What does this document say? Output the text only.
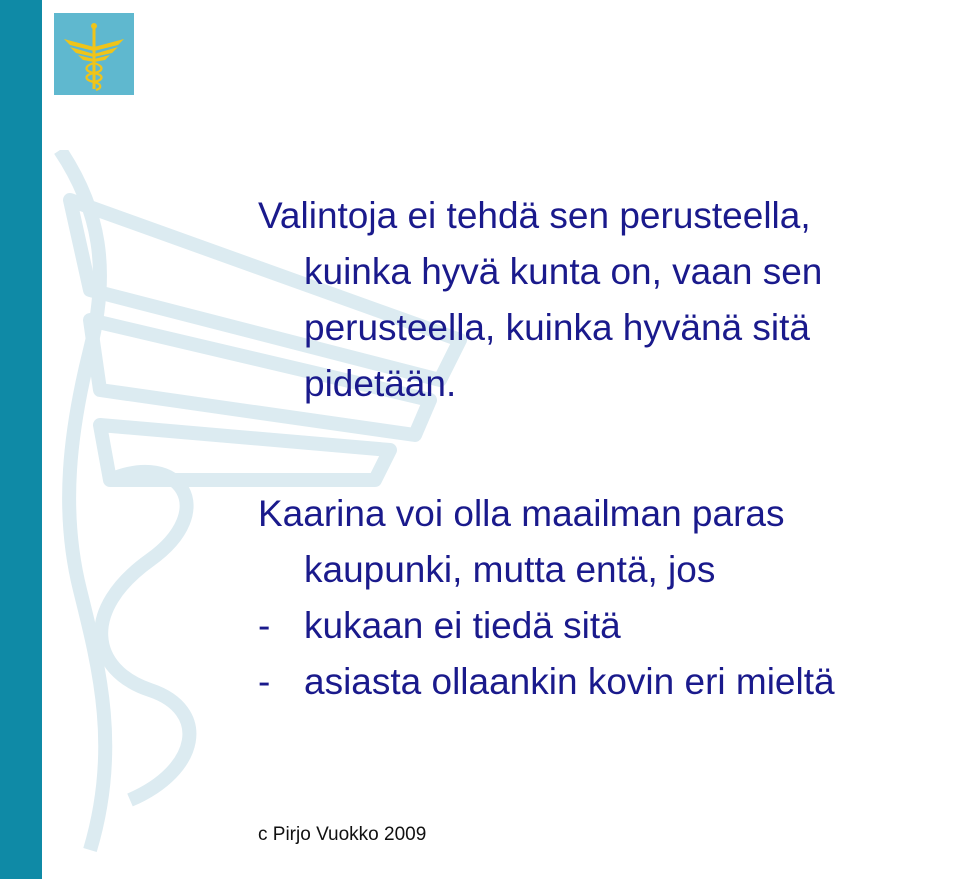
Valintoja ei tehdä sen perusteella,
kuinka hyvä kunta on, vaan sen
perusteella, kuinka hyvänä sitä
pidetään.
Kaarina voi olla maailman paras
kaupunki, mutta entä, jos
- kukaan ei tiedä sitä
- asiasta ollaankin kovin eri mieltä
c Pirjo Vuokko 2009
